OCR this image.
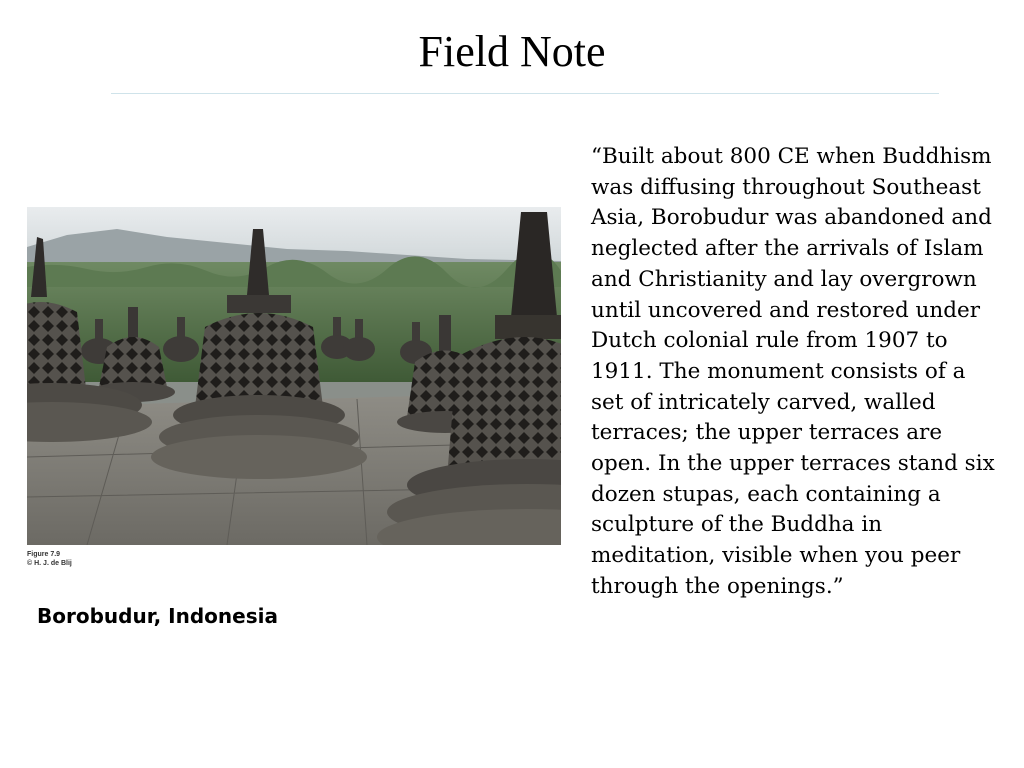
Field Note
Figure 7.9
© H. J. de Blij
Borobudur, Indonesia
“Built about 800 CE when Buddhism was diffusing throughout Southeast Asia, Borobudur was abandoned and neglected after the arrivals of Islam and Christianity and lay overgrown until uncovered and restored under Dutch colonial rule from 1907 to 1911. The monument consists of a set of intricately carved, walled terraces; the upper terraces are open. In the upper terraces stand six dozen stupas, each containing a sculpture of the Buddha in meditation, visible when you peer through the openings.”
